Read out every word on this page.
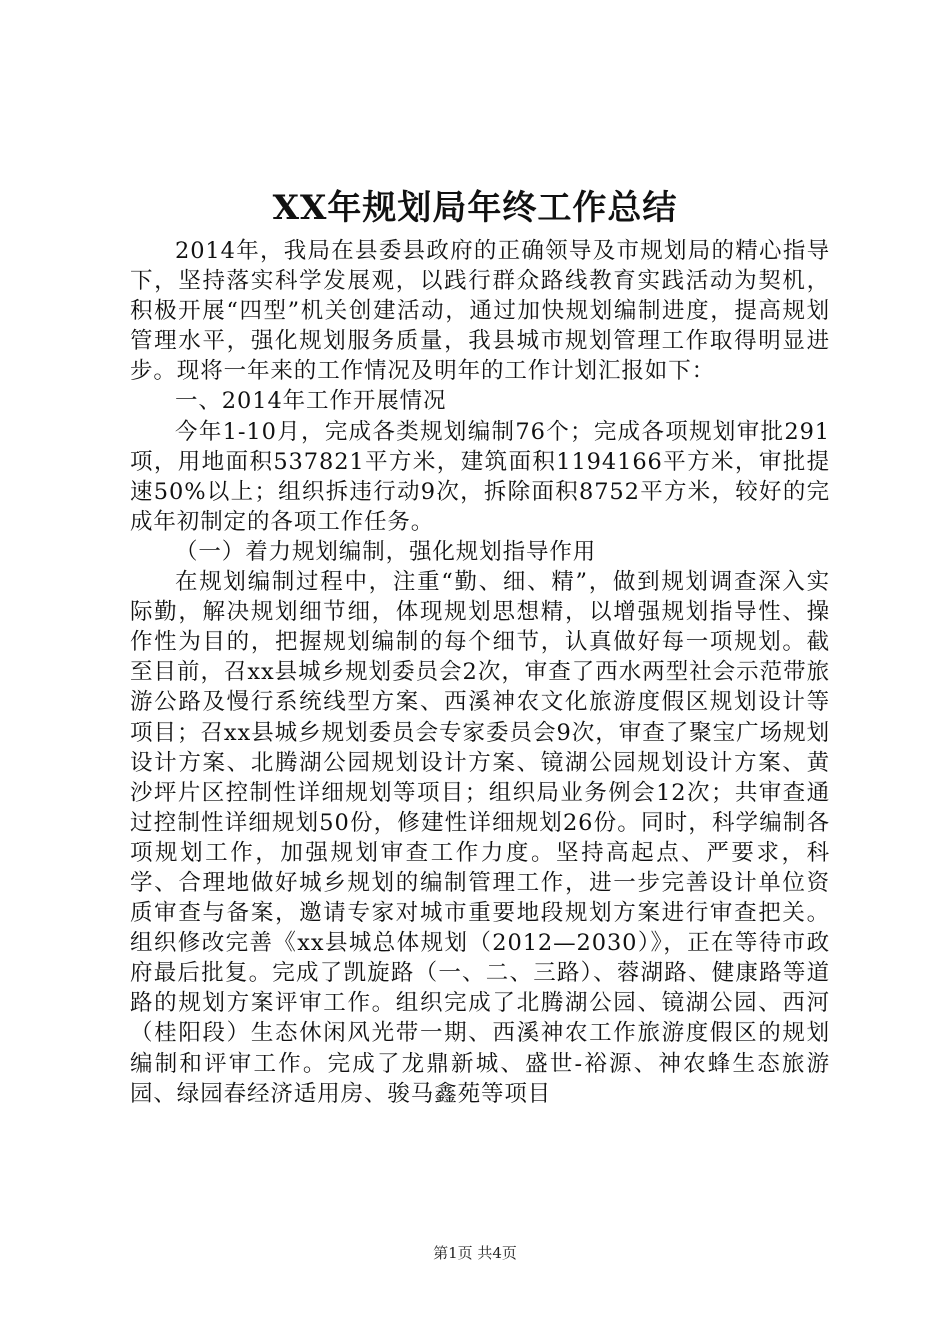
XX年规划局年终工作总结

2014年，我局在县委县政府的正确领导及市规划局的精心指导下，坚持落实科学发展观，以践行群众路线教育实践活动为契机，积极开展“四型”机关创建活动，通过加快规划编制进度，提高规划管理水平，强化规划服务质量，我县城市规划管理工作取得明显进步。现将一年来的工作情况及明年的工作计划汇报如下：

一、2014年工作开展情况

今年1-10月，完成各类规划编制76个；完成各项规划审批291项，用地面积537821平方米，建筑面积1194166平方米，审批提速50%以上；组织拆违行动9次，拆除面积8752平方米，较好的完成年初制定的各项工作任务。

（一）着力规划编制，强化规划指导作用

在规划编制过程中，注重“勤、细、精”，做到规划调查深入实际勤，解决规划细节细，体现规划思想精，以增强规划指导性、操作性为目的，把握规划编制的每个细节，认真做好每一项规划。截至目前，召xx县城乡规划委员会2次，审查了西水两型社会示范带旅游公路及慢行系统线型方案、西溪神农文化旅游度假区规划设计等项目；召xx县城乡规划委员会专家委员会9次，审查了聚宝广场规划设计方案、北腾湖公园规划设计方案、镜湖公园规划设计方案、黄沙坪片区控制性详细规划等项目；组织局业务例会12次；共审查通过控制性详细规划50份，修建性详细规划26份。同时，科学编制各项规划工作，加强规划审查工作力度。坚持高起点、严要求，科学、合理地做好城乡规划的编制管理工作，进一步完善设计单位资质审查与备案，邀请专家对城市重要地段规划方案进行审查把关。组织修改完善《xx县城总体规划（2012—2030）》，正在等待市政府最后批复。完成了凯旋路（一、二、三路）、蓉湖路、健康路等道路的规划方案评审工作。组织完成了北腾湖公园、镜湖公园、西河（桂阳段）生态休闲风光带一期、西溪神农工作旅游度假区的规划编制和评审工作。完成了龙鼎新城、盛世-裕源、神农蜂生态旅游园、绿园春经济适用房、骏马鑫苑等项目

第1页 共4页
